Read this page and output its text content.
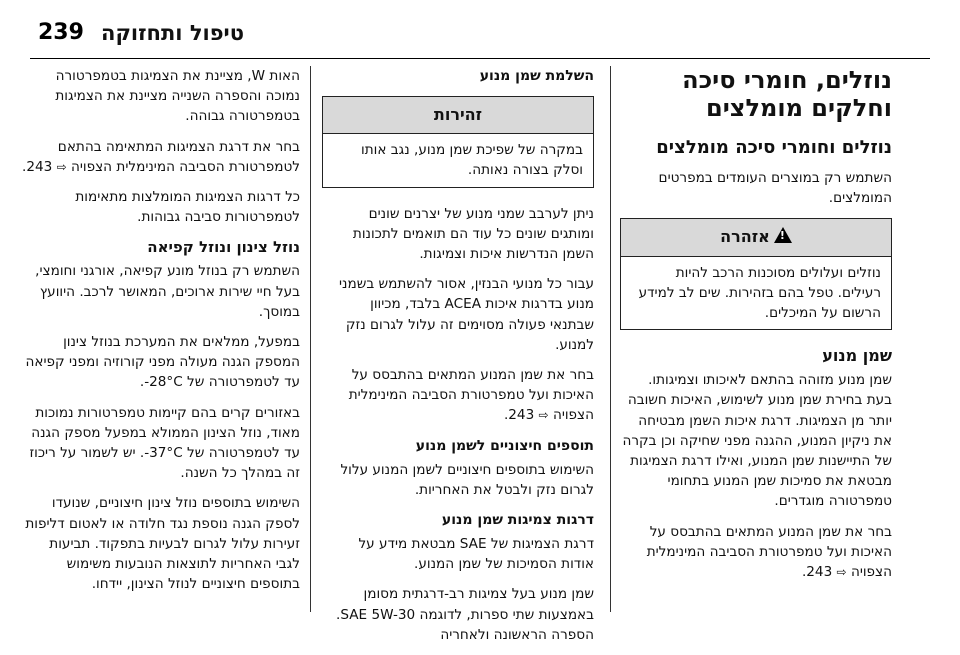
239 טיפול ותחזוקה
נוזלים, חומרי סיכה וחלקים מומלצים
נוזלים וחומרי סיכה מומלצים

השתמש רק במוצרים העומדים במפרטים המומלצים.

!אזהרה

נוזלים ועלולים מסוכנות הרכב להיות רעילים. טפל בהם בזהירות. שים לב למידע הרשום על המיכלים.

שמן מנוע

שמן מנוע מזוהה בהתאם לאיכותו וצמיגותו. בעת בחירת שמן מנוע לשימוש, האיכות חשובה יותר מן הצמיגות. דרגת איכות השמן מבטיחה את ניקיון המנוע, ההגנה מפני שחיקה וכן בקרה של התיישנות שמן המנוע, ואילו דרגת הצמיגות מבטאת את סמיכות שמן המנוע בתחומי טמפרטורה מוגדרים.

בחר את שמן המנוע המתאים בהתבסס על האיכות ועל טמפרטורת הסביבה המינימלית הצפויה ⇨ 243.

השלמת שמן מנוע
זהירות

במקרה של שפיכת שמן מנוע, נגב אותו וסלק בצורה נאותה.

ניתן לערבב שמני מנוע של יצרנים שונים ומותגים שונים כל עוד הם תואמים לתכונות השמן הנדרשות איכות וצמיגות.

עבור כל מנועי הבנזין, אסור להשתמש בשמני מנוע בדרגות איכות ACEA בלבד, מכיוון שבתנאי פעולה מסוימים זה עלול לגרום נזק למנוע.

בחר את שמן המנוע המתאים בהתבסס על האיכות ועל טמפרטורת הסביבה המינימלית הצפויה ⇨ 243.

תוספים חיצוניים לשמן מנוע

השימוש בתוספים חיצוניים לשמן המנוע עלול לגרום נזק ולבטל את האחריות.

דרגות צמיגות שמן מנוע

דרגת הצמיגות של SAE מבטאת מידע על אודות הסמיכות של שמן המנוע.

שמן מנוע בעל צמיגות רב-דרגתית מסומן באמצעות שתי ספרות, לדוגמה SAE 5W-30. הספרה הראשונה ולאחריה

האות W, מציינת את הצמיגות בטמפרטורה נמוכה והספרה השנייה מציינת את הצמיגות בטמפרטורה גבוהה.

בחר את דרגת הצמיגות המתאימה בהתאם לטמפרטורת הסביבה המינימלית הצפויה ⇨ 243.

כל דרגות הצמיגות המומלצות מתאימות לטמפרטורות סביבה גבוהות.

נוזל צינון ונוזל קפיאה

השתמש רק בנוזל מונע קפיאה, אורגני וחומצי, בעל חיי שירות ארוכים, המאושר לרכב. היוועץ במוסך.

במפעל, ממלאים את המערכת בנוזל צינון המספק הגנה מעולה מפני קורוזיה ומפני קפיאה עד לטמפרטורה של ‎-28°C.

באזורים קרים בהם קיימות טמפרטורות נמוכות מאוד, נוזל הצינון הממולא במפעל מספק הגנה עד לטמפרטורה של ‎-37°C. יש לשמור על ריכוז זה במהלך כל השנה.

השימוש בתוספים נוזל צינון חיצוניים, שנועדו לספק הגנה נוספת נגד חלודה או לאטום דליפות זעירות עלול לגרום לבעיות בתפקוד. תביעות לגבי האחריות לתוצאות הנובעות משימוש בתוספים חיצוניים לנוזל הצינון, יידחו.
